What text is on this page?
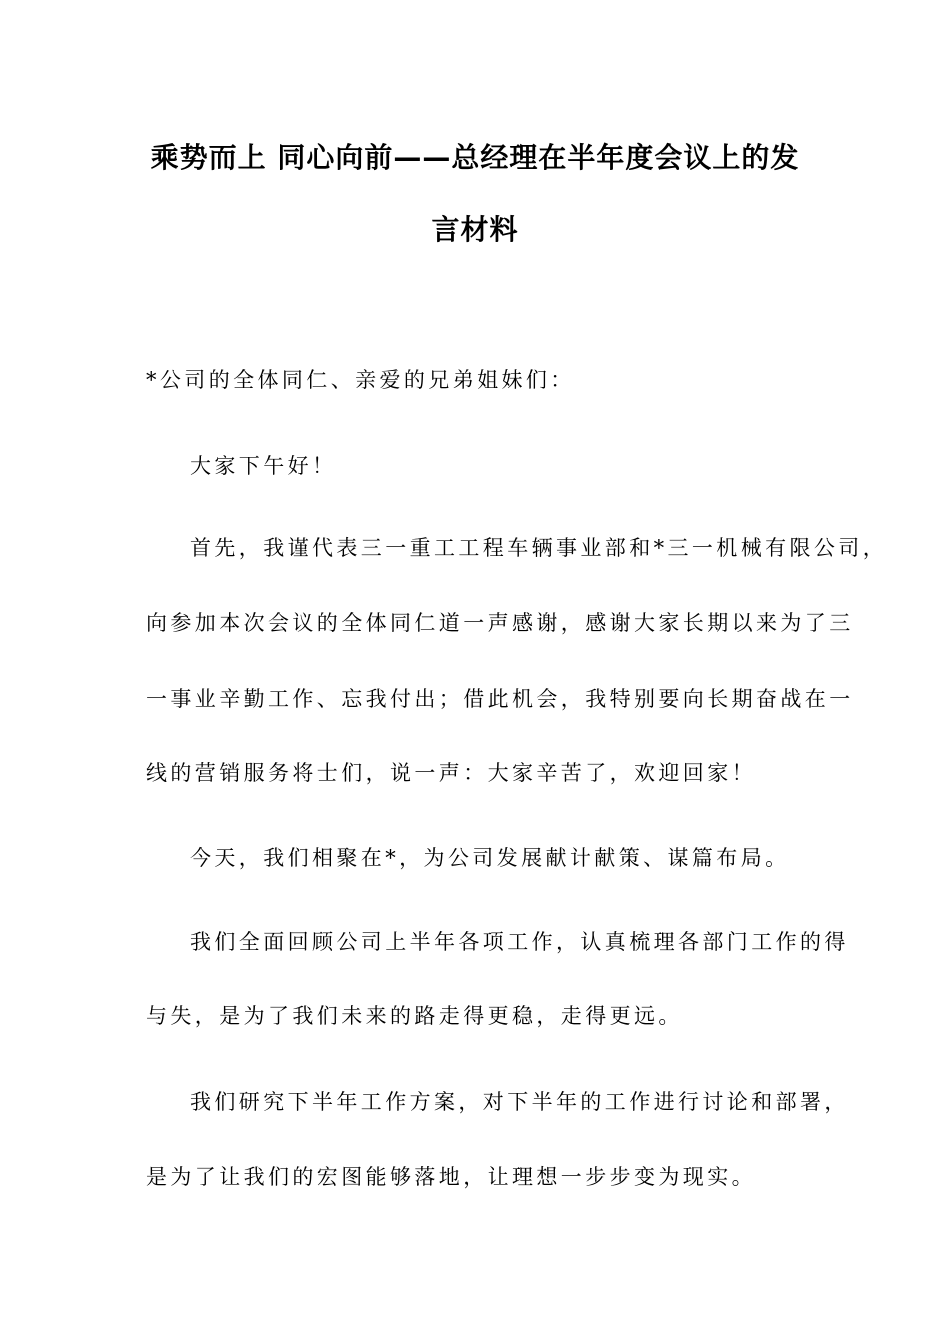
乘势而上 同心向前——总经理在半年度会议上的发
言材料
*公司的全体同仁、亲爱的兄弟姐妹们：
大家下午好！
首先，我谨代表三一重工工程车辆事业部和*三一机械有限公司，
向参加本次会议的全体同仁道一声感谢，感谢大家长期以来为了三
一事业辛勤工作、忘我付出；借此机会，我特别要向长期奋战在一
线的营销服务将士们，说一声：大家辛苦了，欢迎回家！
今天，我们相聚在*，为公司发展献计献策、谋篇布局。
我们全面回顾公司上半年各项工作，认真梳理各部门工作的得
与失，是为了我们未来的路走得更稳，走得更远。
我们研究下半年工作方案，对下半年的工作进行讨论和部署，
是为了让我们的宏图能够落地，让理想一步步变为现实。
